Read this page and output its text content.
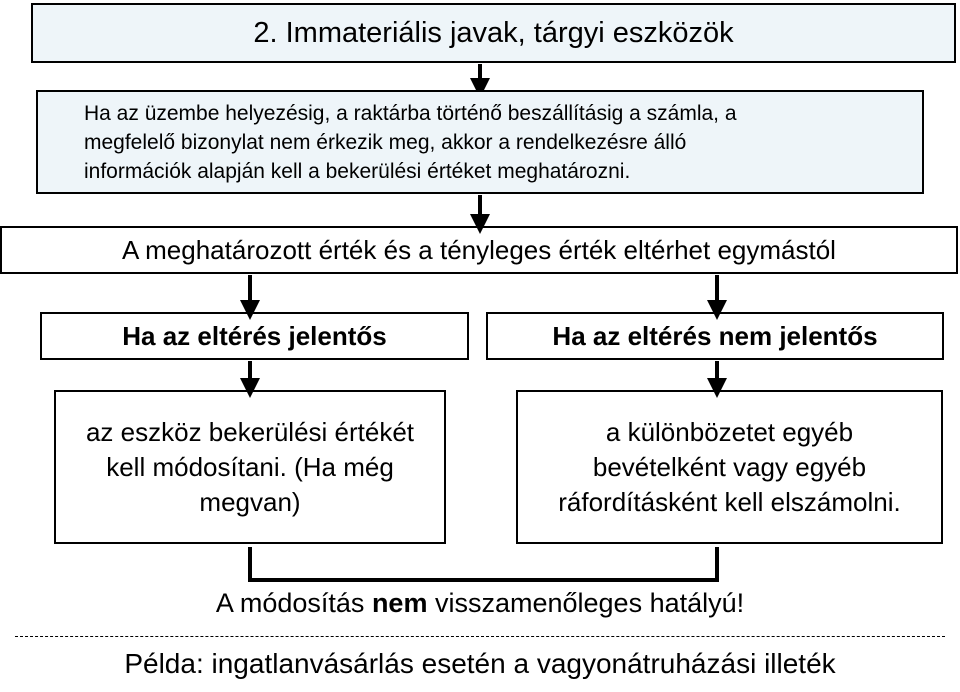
2. Immateriális javak, tárgyi eszközök
Ha az üzembe helyezésig, a raktárba történő beszállításig a számla, a
megfelelő bizonylat nem érkezik meg, akkor a rendelkezésre álló
információk alapján kell a bekerülési értéket meghatározni.
A meghatározott érték és a tényleges érték eltérhet egymástól
Ha az eltérés jelentős	Ha az eltérés nem jelentős
az eszköz bekerülési értékét kell módosítani. (Ha még megvan)
a különbözetet egyéb bevételként vagy egyéb ráfordításként kell elszámolni.
A módosítás nem visszamenőleges hatályú!
Példa: ingatlanvásárlás esetén a vagyonátruházási illeték
